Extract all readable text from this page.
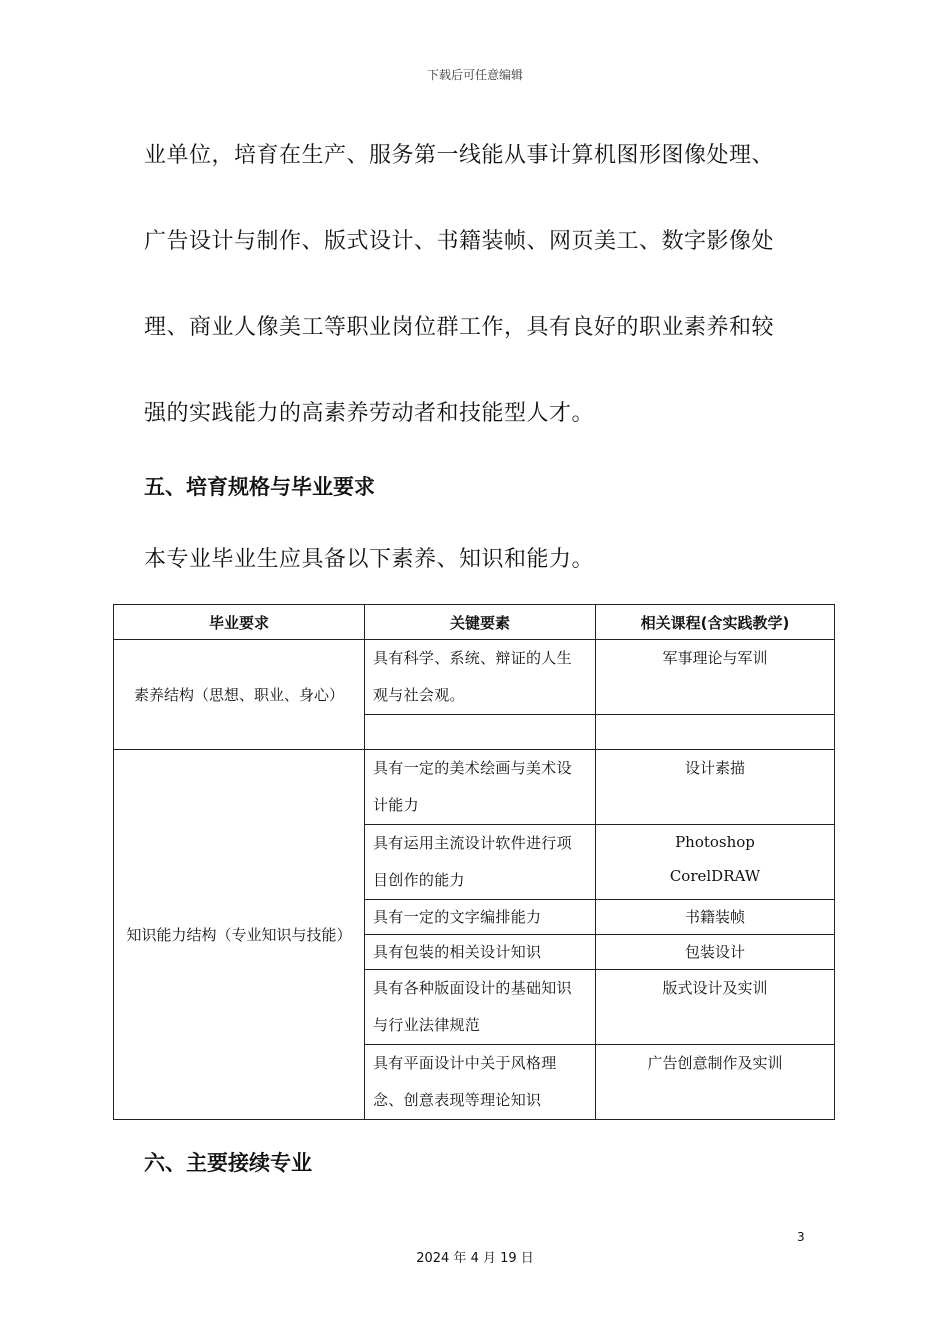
下载后可任意编辑
业单位，培育在生产、服务第一线能从事计算机图形图像处理、
广告设计与制作、版式设计、书籍装帧、网页美工、数字影像处
理、商业人像美工等职业岗位群工作，具有良好的职业素养和较
强的实践能力的高素养劳动者和技能型人才。
五、培育规格与毕业要求
本专业毕业生应具备以下素养、知识和能力。
毕业要求	关键要素	相关课程(含实践教学)
素养结构（思想、职业、身心）	具有科学、系统、辩证的人生观与社会观。	军事理论与军训

知识能力结构（专业知识与技能）	具有一定的美术绘画与美术设计能力	设计素描
	具有运用主流设计软件进行项目创作的能力	Photoshop
CorelDRAW

	具有一定的文字编排能力	书籍装帧
	具有包装的相关设计知识	包装设计
	具有各种版面设计的基础知识与行业法律规范	版式设计及实训
	具有平面设计中关于风格理念、创意表现等理论知识	广告创意制作及实训
六、主要接续专业
3
2024 年 4 月 19 日
